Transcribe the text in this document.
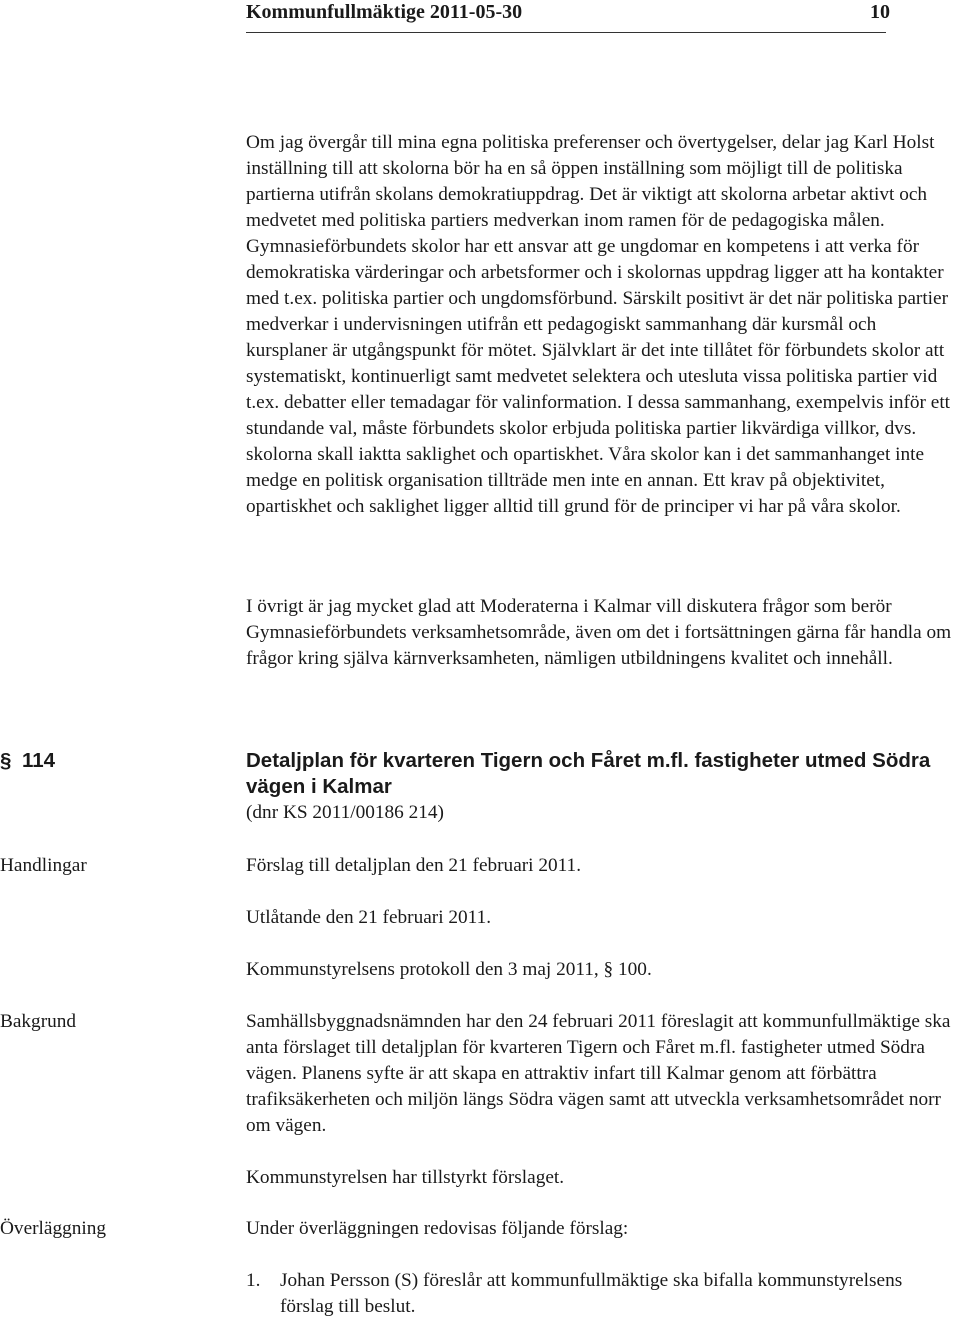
Kommunfullmäktige 2011-05-30	10

Om jag övergår till mina egna politiska preferenser och övertygelser, delar jag Karl Holst inställning till att skolorna bör ha en så öppen inställning som möjligt till de politiska partierna utifrån skolans demokratiuppdrag. Det är viktigt att skolorna arbetar aktivt och medvetet med politiska partiers medverkan inom ramen för de pedagogiska målen. Gymnasieförbundets skolor har ett ansvar att ge ungdomar en kompetens i att verka för demokratiska värderingar och arbetsformer och i skolornas uppdrag ligger att ha kontakter med t.ex. politiska partier och ungdomsförbund. Särskilt positivt är det när politiska partier medverkar i undervisningen utifrån ett pedagogiskt sammanhang där kursmål och kursplaner är utgångspunkt för mötet. Självklart är det inte tillåtet för förbundets skolor att systematiskt, kontinuerligt samt medvetet selektera och utesluta vissa politiska partier vid t.ex. debatter eller temadagar för valinformation. I dessa sammanhang, exempelvis inför ett stundande val, måste förbundets skolor erbjuda politiska partier likvärdiga villkor, dvs. skolorna skall iaktta saklighet och opartiskhet. Våra skolor kan i det sammanhanget inte medge en politisk organisation tillträde men inte en annan. Ett krav på objektivitet, opartiskhet och saklighet ligger alltid till grund för de principer vi har på våra skolor.

I övrigt är jag mycket glad att Moderaterna i Kalmar vill diskutera frågor som berör Gymnasieförbundets verksamhetsområde, även om det i fortsättningen gärna får handla om frågor kring själva kärnverksamheten, nämligen utbildningens kvalitet och innehåll.

§ 114	Detaljplan för kvarteren Tigern och Fåret m.fl. fastigheter utmed Södra vägen i Kalmar

(dnr KS 2011/00186 214)
Handlingar	Förslag till detaljplan den 21 februari 2011.

Utlåtande den 21 februari 2011.

Kommunstyrelsens protokoll den 3 maj 2011, § 100.

Bakgrund	Samhällsbyggnadsnämnden har den 24 februari 2011 föreslagit att kommunfullmäktige ska anta förslaget till detaljplan för kvarteren Tigern och Fåret m.fl. fastigheter utmed Södra vägen. Planens syfte är att skapa en attraktiv infart till Kalmar genom att förbättra trafiksäkerheten och miljön längs Södra vägen samt att utveckla verksamhetsområdet norr om vägen.

Kommunstyrelsen har tillstyrkt förslaget.

Överläggning	Under överläggningen redovisas följande förslag:

1. Johan Persson (S) föreslår att kommunfullmäktige ska bifalla kommunstyrelsens förslag till beslut.
